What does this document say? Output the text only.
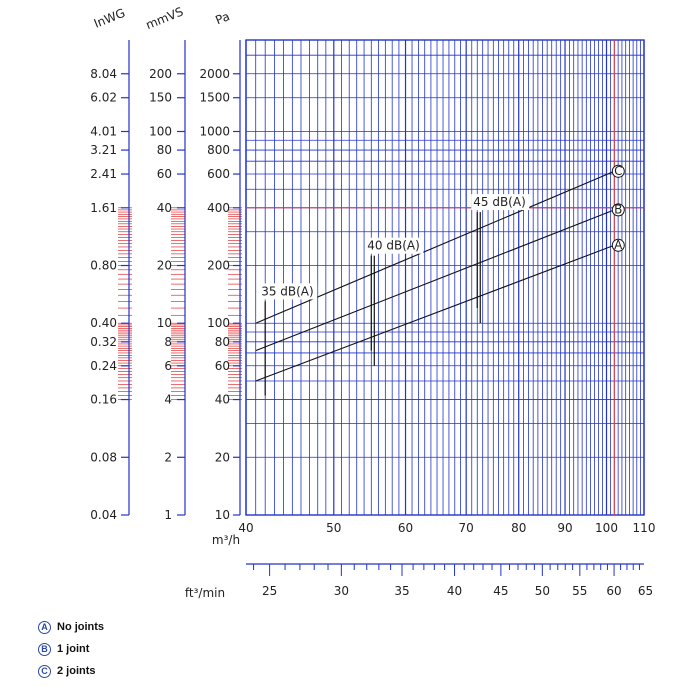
8.04
6.02
4.01
3.21
2.41
1.61
0.80
0.40
0.32
0.24
0.16
0.08
0.04
InWG
200
150
100
80
60
40
20
10
8
6
4
2
1
mmVS
2000
1500
1000
800
600
400
200
100
80
60
40
20
10
Pa
40	50	60	70	80	90 100 110
m³/h
25	30	35	40	45 50 55 60 65
ft³/min
A
B
C
35 dB(A)
40 dB(A)
45 dB(A)
A No joints
B 1 joint
C 2 joints
